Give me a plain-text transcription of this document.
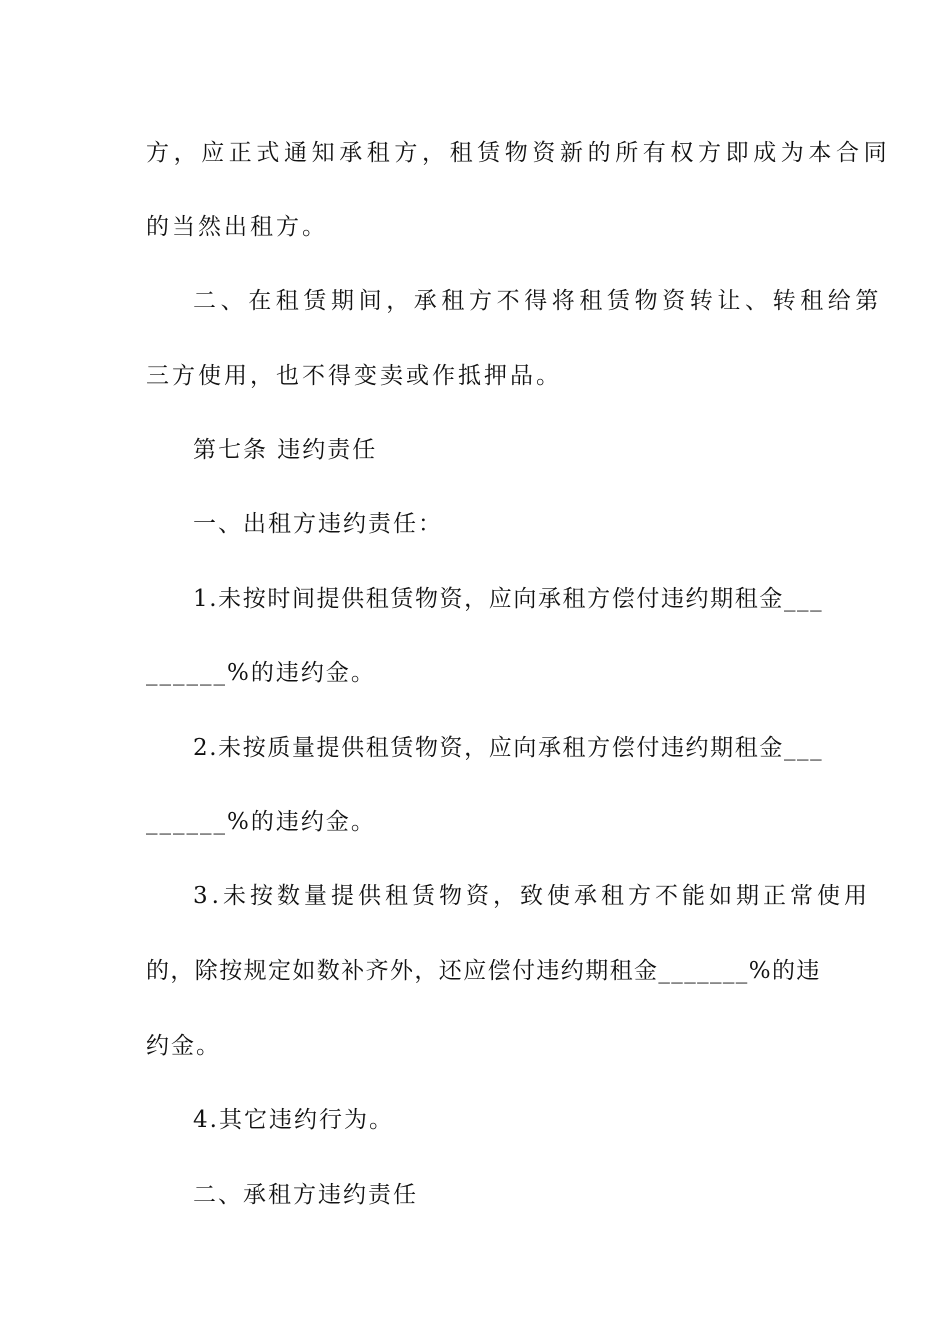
方，应正式通知承租方，租赁物资新的所有权方即成为本合同
的当然出租方。
二、在租赁期间，承租方不得将租赁物资转让、转租给第
三方使用，也不得变卖或作抵押品。
第七条 违约责任
一、出租方违约责任：
1.未按时间提供租赁物资，应向承租方偿付违约期租金___
______%的违约金。
2.未按质量提供租赁物资，应向承租方偿付违约期租金___
______%的违约金。
3.未按数量提供租赁物资，致使承租方不能如期正常使用
的，除按规定如数补齐外，还应偿付违约期租金_______%的违
约金。
4.其它违约行为。
二、承租方违约责任
